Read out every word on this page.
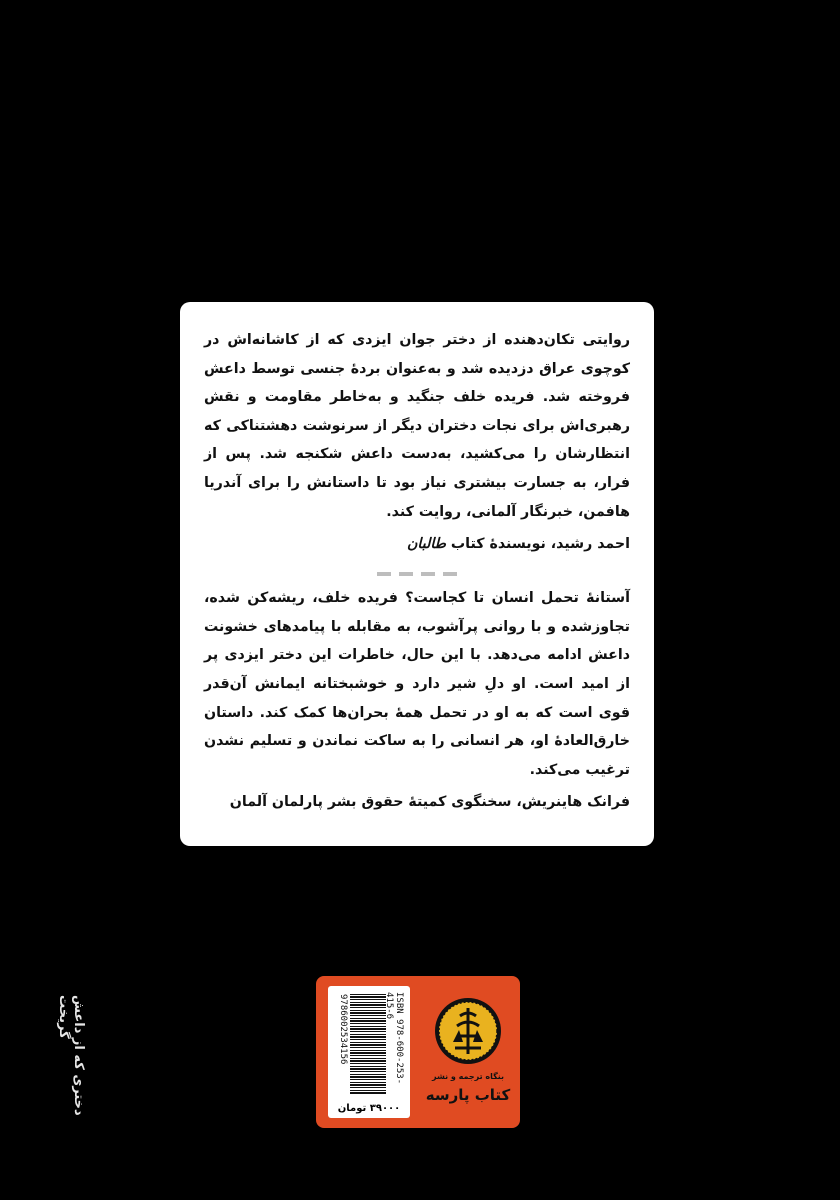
روایتی تکان‌دهنده از دختر جوان ایزدی که از کاشانه‌اش در کوچوی عراق دزدیده شد و به‌عنوان بردهٔ جنسی توسط داعش فروخته شد. فریده خلف جنگید و به‌خاطر مقاومت و نقش رهبری‌اش برای نجات دختران دیگر از سرنوشت دهشتناکی که انتظارشان را می‌کشید، به‌دست داعش شکنجه شد. پس از فرار، به جسارت بیشتری نیاز بود تا داستانش را برای آندریا هافمن، خبرنگار آلمانی، روایت کند.

احمد رشید، نویسندهٔ کتاب طالبان

آستانهٔ تحمل انسان تا کجاست؟ فریده خلف، ریشه‌کن شده، تجاوزشده و با روانی پرآشوب، به مقابله با پیامدهای خشونت داعش ادامه می‌دهد. با این حال، خاطرات این دختر ایزدی پر از امید است. او دلِ شیر دارد و خوشبختانه ایمانش آن‌قدر قوی است که به او در تحمل همهٔ بحران‌ها کمک کند. داستان خارق‌العادهٔ او، هر انسانی را به ساکت نماندن و تسلیم نشدن ترغیب می‌کند.

فرانک هاینریش، سخنگوی کمیتهٔ حقوق بشر پارلمان آلمان

دختری که از داعش گریخت	9786002534156	ISBN 978-600-253-415-6
۳۹۰۰۰ تومان
بنگاه ترجمه و نشر
کتاب پارسه
